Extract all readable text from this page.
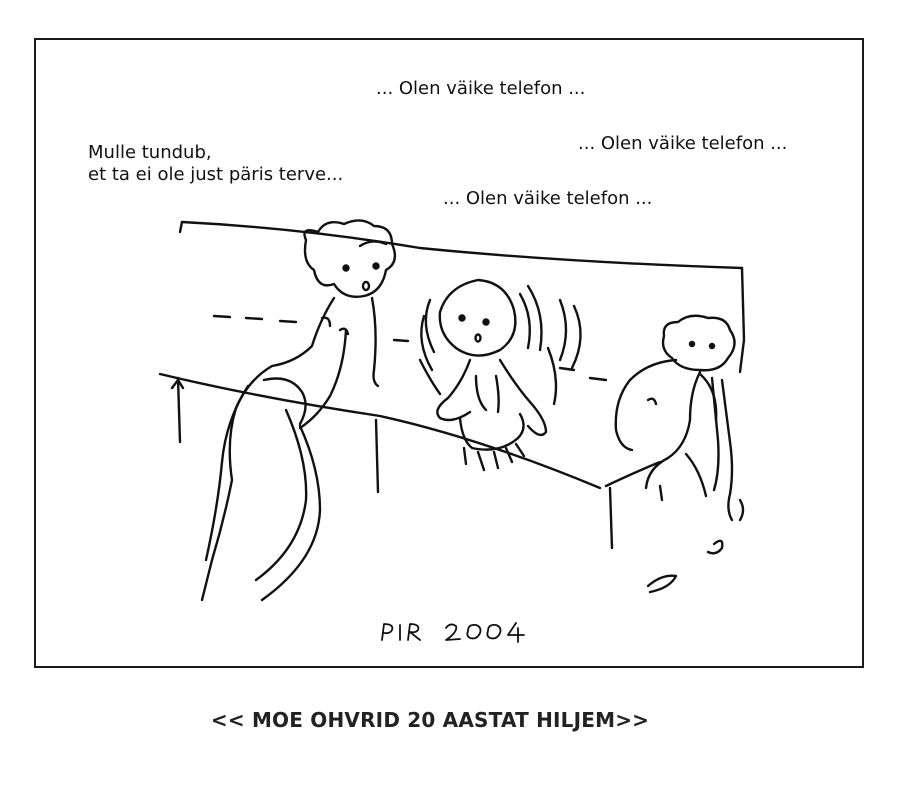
... Olen väike telefon ...
... Olen väike telefon ...
... Olen väike telefon ...
Mulle tundub,
et ta ei ole just päris terve...
<< MOE OHVRID 20 AASTAT HILJEM>>
